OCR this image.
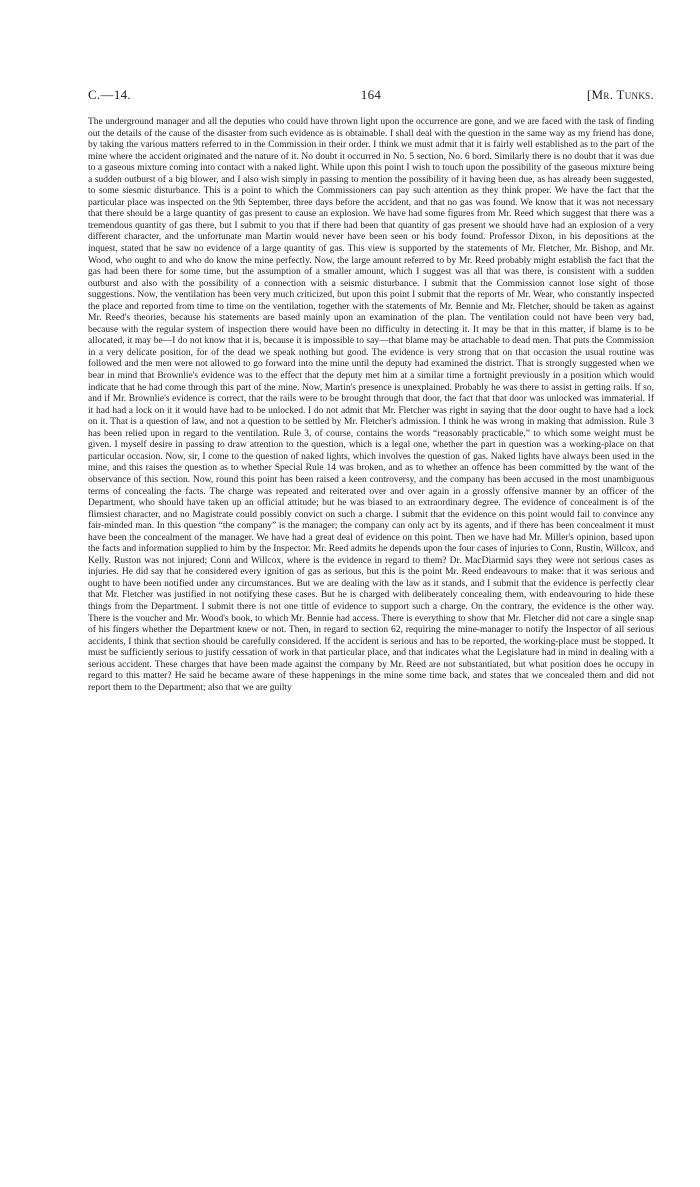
C.—14.	164	[Mr. Tunks.

The underground manager and all the deputies who could have thrown light upon the occurrence are gone, and we are faced with the task of finding out the details of the cause of the disaster from such evidence as is obtainable. I shall deal with the question in the same way as my friend has done, by taking the various matters referred to in the Commission in their order. I think we must admit that it is fairly well established as to the part of the mine where the accident originated and the nature of it. No doubt it occurred in No. 5 section, No. 6 bord. Similarly there is no doubt that it was due to a gaseous mixture coming into contact with a naked light. While upon this point I wish to touch upon the possibility of the gaseous mixture being a sudden outburst of a big blower, and I also wish simply in passing to mention the possibility of it having been due, as has already been suggested, to some siesmic disturbance. This is a point to which the Commissioners can pay such attention as they think proper. We have the fact that the particular place was inspected on the 9th September, three days before the accident, and that no gas was found. We know that it was not necessary that there should be a large quantity of gas present to cause an explosion. We have had some figures from Mr. Reed which suggest that there was a tremendous quantity of gas there, but I submit to you that if there had been that quantity of gas present we should have had an explosion of a very different character, and the unfortunate man Martin would never have been seen or his body found. Professor Dixon, in his depositions at the inquest, stated that he saw no evidence of a large quantity of gas. This view is supported by the statements of Mr. Fletcher, Mr. Bishop, and Mr. Wood, who ought to and who do know the mine perfectly. Now, the large amount referred to by Mr. Reed probably might establish the fact that the gas had been there for some time, but the assumption of a smaller amount, which I suggest was all that was there, is consistent with a sudden outburst and also with the possibility of a connection with a seismic disturbance. I submit that the Commission cannot lose sight of those suggestions. Now, the ventilation has been very much criticized, but upon this point I submit that the reports of Mr. Wear, who constantly inspected the place and reported from time to time on the ventilation, together with the statements of Mr. Bennie and Mr. Fletcher, should be taken as against Mr. Reed's theories, because his statements are based mainly upon an examination of the plan. The ventilation could not have been very bad, because with the regular system of inspection there would have been no difficulty in detecting it. It may be that in this matter, if blame is to be allocated, it may be—I do not know that it is, because it is impossible to say—that blame may be attachable to dead men. That puts the Commission in a very delicate position, for of the dead we speak nothing but good. The evidence is very strong that on that occasion the usual routine was followed and the men were not allowed to go forward into the mine until the deputy had examined the district. That is strongly suggested when we bear in mind that Brownlie's evidence was to the effect that the deputy met him at a similar time a fortnight previously in a position which would indicate that he had come through this part of the mine. Now, Martin's presence is unexplained. Probably he was there to assist in getting rails. If so, and if Mr. Brownlie's evidence is correct, that the rails were to be brought through that door, the fact that that door was unlocked was immaterial. If it had had a lock on it it would have had to be unlocked. I do not admit that Mr. Fletcher was right in saying that the door ought to have had a lock on it. That is a question of law, and not a question to be settled by Mr. Fletcher's admission. I think he was wrong in making that admission. Rule 3 has been relied upon in regard to the ventilation. Rule 3, of course, contains the words “reasonably practicable,” to which some weight must be given. I myself desire in passing to draw attention to the question, which is a legal one, whether the part in question was a working-place on that particular occasion. Now, sir, I come to the question of naked lights, which involves the question of gas. Naked lights have always been used in the mine, and this raises the question as to whether Special Rule 14 was broken, and as to whether an offence has been committed by the want of the observance of this section. Now, round this point has been raised a keen controversy, and the company has been accused in the most unambiguous terms of concealing the facts. The charge was repeated and reiterated over and over again in a grossly offensive manner by an officer of the Department, who should have taken up an official attitude; but he was biased to an extraordinary degree. The evidence of concealment is of the flimsiest character, and no Magistrate could possibly convict on such a charge. I submit that the evidence on this point would fail to convince any fair-minded man. In this question “the company” is the manager; the company can only act by its agents, and if there has been concealment it must have been the concealment of the manager. We have had a great deal of evidence on this point. Then we have had Mr. Miller's opinion, based upon the facts and information supplied to him by the Inspector. Mr. Reed admits he depends upon the four cases of injuries to Conn, Rustin, Willcox, and Kelly. Ruston was not injured; Conn and Willcox, where is the evidence in regard to them? Dr. MacDiarmid says they were not serious cases as injuries. He did say that he considered every ignition of gas as serious, but this is the point Mr. Reed endeavours to make: that it was serious and ought to have been notified under any circumstances. But we are dealing with the law as it stands, and I submit that the evidence is perfectly clear that Mr. Fletcher was justified in not notifying these cases. But he is charged with deliberately concealing them, with endeavouring to hide these things from the Department. I submit there is not one tittle of evidence to support such a charge. On the contrary, the evidence is the other way. There is the voucher and Mr. Wood's book, to which Mr. Bennie had access. There is everything to show that Mr. Fletcher did not care a single snap of his fingers whether the Department knew or not. Then, in regard to section 62, requiring the mine-manager to notify the Inspector of all serious accidents, I think that section should be carefully considered. If the accident is serious and has to be reported, the working-place must be stopped. It must be sufficiently serious to justify cessation of work in that particular place, and that indicates what the Legislature had in mind in dealing with a serious accident. These charges that have been made against the company by Mr. Reed are not substantiated, but what position does he occupy in regard to this matter? He said he became aware of these happenings in the mine some time back, and states that we concealed them and did not report them to the Department; also that we are guilty
